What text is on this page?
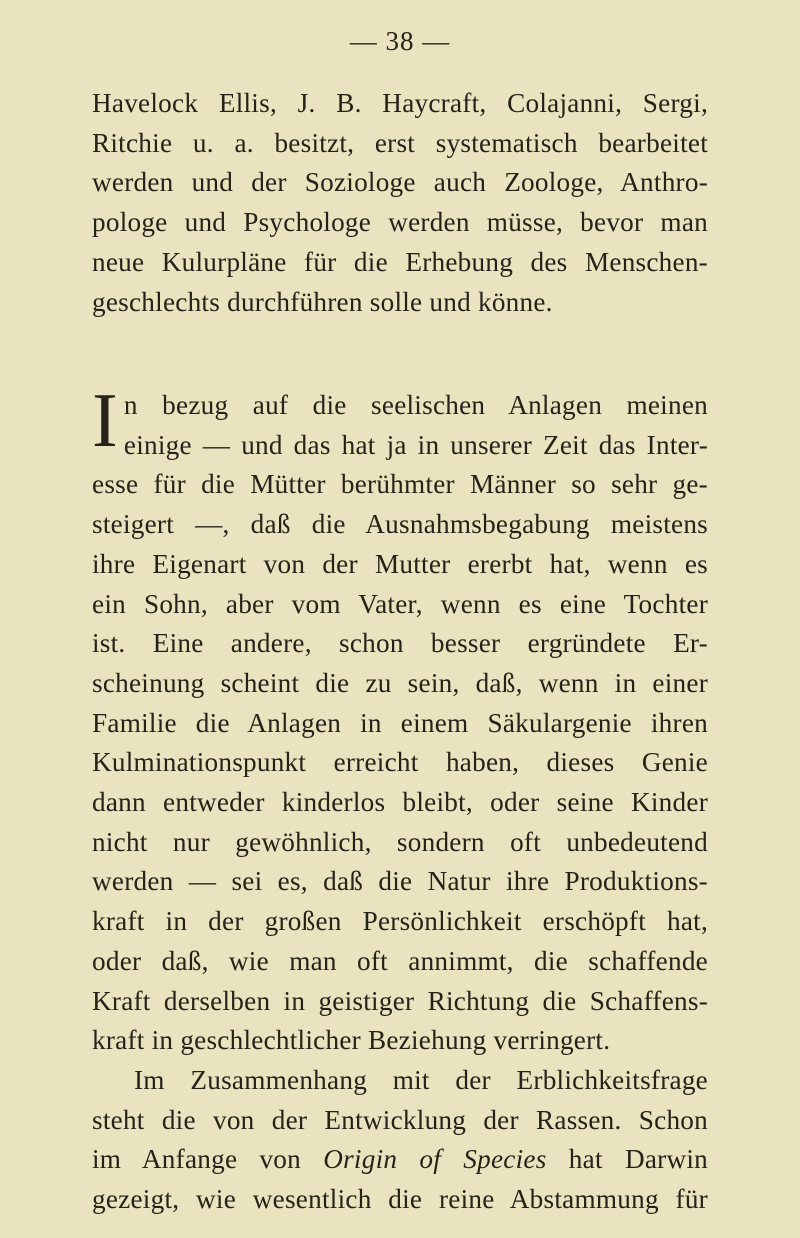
— 38 —
Havelock Ellis, J. B. Haycraft, Colajanni, Sergi,
Ritchie u. a. besitzt, erst systematisch bearbeitet
werden und der Soziologe auch Zoologe, Anthro-
pologe und Psychologe werden müsse, bevor man
neue Kulurpläne für die Erhebung des Menschen-
geschlechts durchführen solle und könne.
I n bezug auf die seelischen Anlagen meinen
einige — und das hat ja in unserer Zeit das Inter-
esse für die Mütter berühmter Männer so sehr ge-
steigert —, daß die Ausnahmsbegabung meistens
ihre Eigenart von der Mutter ererbt hat, wenn es
ein Sohn, aber vom Vater, wenn es eine Tochter
ist. Eine andere, schon besser ergründete Er-
scheinung scheint die zu sein, daß, wenn in einer
Familie die Anlagen in einem Säkulargenie ihren
Kulminationspunkt erreicht haben, dieses Genie
dann entweder kinderlos bleibt, oder seine Kinder
nicht nur gewöhnlich, sondern oft unbedeutend
werden — sei es, daß die Natur ihre Produktions-
kraft in der großen Persönlichkeit erschöpft hat,
oder daß, wie man oft annimmt, die schaffende
Kraft derselben in geistiger Richtung die Schaffens-
kraft in geschlechtlicher Beziehung verringert.
Im Zusammenhang mit der Erblichkeitsfrage
steht die von der Entwicklung der Rassen. Schon
im Anfange von Origin of Species hat Darwin
gezeigt, wie wesentlich die reine Abstammung für
